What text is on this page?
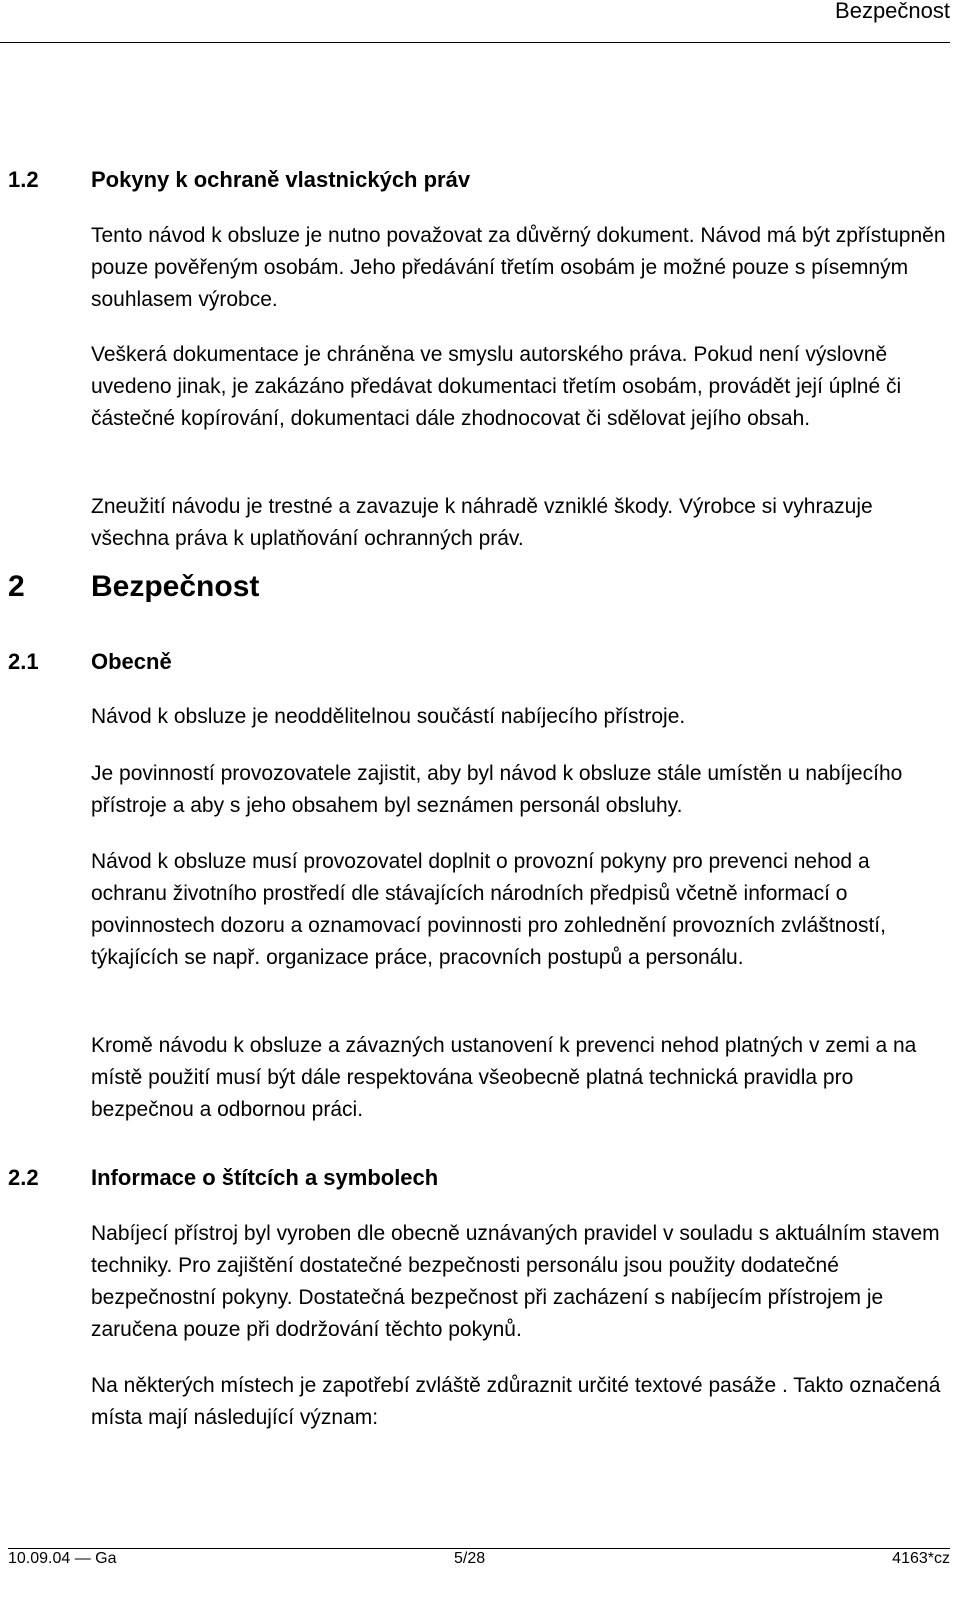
Bezpečnost
1.2 Pokyny k ochraně vlastnických práv
Tento návod k obsluze je nutno považovat za důvěrný dokument. Návod má být zpřístupněn pouze pověřeným osobám. Jeho předávání třetím osobám je možné pouze s písemným souhlasem výrobce.
Veškerá dokumentace je chráněna ve smyslu autorského práva. Pokud není výslovně uvedeno jinak, je zakázáno předávat dokumentaci třetím osobám, provádět její úplné či částečné kopírování, dokumentaci dále zhodnocovat či sdělovat jejího obsah.
Zneužití návodu je trestné a zavazuje k náhradě vzniklé škody. Výrobce si vyhrazuje všechna práva k uplatňování ochranných práv.
2 Bezpečnost
2.1 Obecně
Návod k obsluze je neoddělitelnou součástí nabíjecího přístroje.
Je povinností provozovatele zajistit, aby byl návod k obsluze stále umístěn u nabíjecího přístroje a aby s jeho obsahem byl seznámen personál obsluhy.
Návod k obsluze musí provozovatel doplnit o provozní pokyny pro prevenci nehod a ochranu životního prostředí dle stávajících národních předpisů včetně informací o povinnostech dozoru a oznamovací povinnosti pro zohlednění provozních zvláštností, týkajících se např. organizace práce, pracovních postupů a personálu.
Kromě návodu k obsluze a závazných ustanovení k prevenci nehod platných v zemi a na místě použití musí být dále respektována všeobecně platná technická pravidla pro bezpečnou a odbornou práci.
2.2 Informace o štítcích a symbolech
Nabíjecí přístroj byl vyroben dle obecně uznávaných pravidel v souladu s aktuálním stavem techniky. Pro zajištění dostatečné bezpečnosti personálu jsou použity dodatečné bezpečnostní pokyny. Dostatečná bezpečnost při zacházení s nabíjecím přístrojem je zaručena pouze při dodržování těchto pokynů.
Na některých místech je zapotřebí zvláště zdůraznit určité textové pasáže . Takto označená místa mají následující význam:
10.09.04 — Ga	5/28	4163*cz
